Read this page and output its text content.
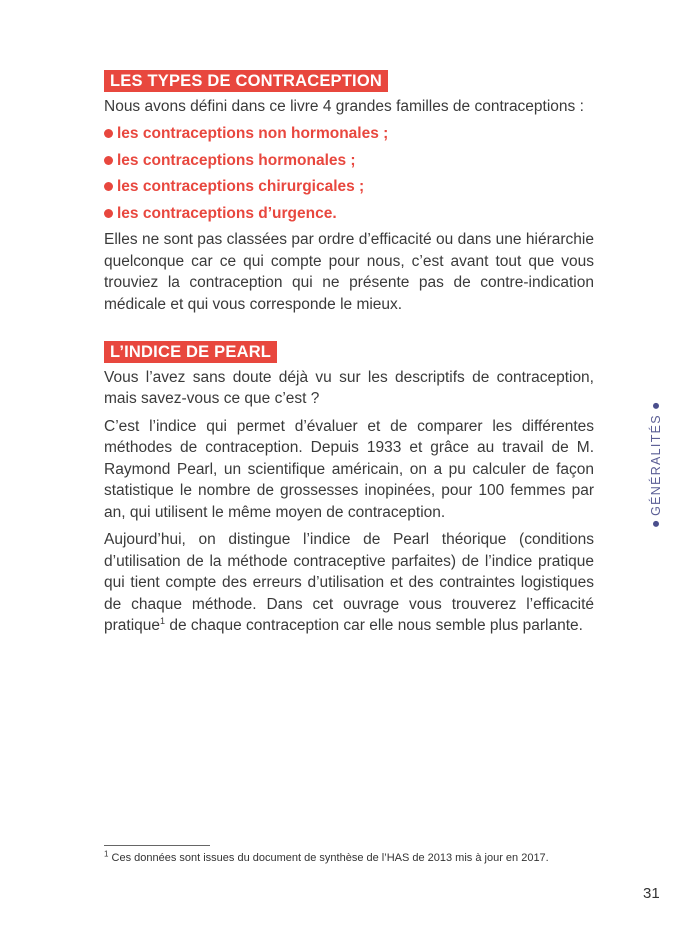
LES TYPES DE CONTRACEPTION

Nous avons défini dans ce livre 4 grandes familles de contraceptions :

les contraceptions non hormonales ;
les contraceptions hormonales ;
les contraceptions chirurgicales ;
les contraceptions d’urgence.

Elles ne sont pas classées par ordre d’efficacité ou dans une hiérarchie quelconque car ce qui compte pour nous, c’est avant tout que vous trouviez la contraception qui ne présente pas de contre-indication médicale et qui vous corresponde le mieux.

L’INDICE DE PEARL

Vous l’avez sans doute déjà vu sur les descriptifs de contraception, mais savez-vous ce que c’est ?

C’est l’indice qui permet d’évaluer et de comparer les différentes méthodes de contraception. Depuis 1933 et grâce au travail de M. Raymond Pearl, un scientifique américain, on a pu calculer de façon statistique le nombre de grossesses inopinées, pour 100 femmes par an, qui utilisent le même moyen de contraception.

Aujourd’hui, on distingue l’indice de Pearl théorique (conditions d’utilisation de la méthode contraceptive parfaites) de l’indice pratique qui tient compte des erreurs d’utilisation et des contraintes logistiques de chaque méthode. Dans cet ouvrage vous trouverez l’efficacité pratique$^1$ de chaque contraception car elle nous semble plus parlante.

GÉNÉRALITÉS
$^1$ Ces données sont issues du document de synthèse de l’HAS de 2013 mis à jour en 2017.
31
